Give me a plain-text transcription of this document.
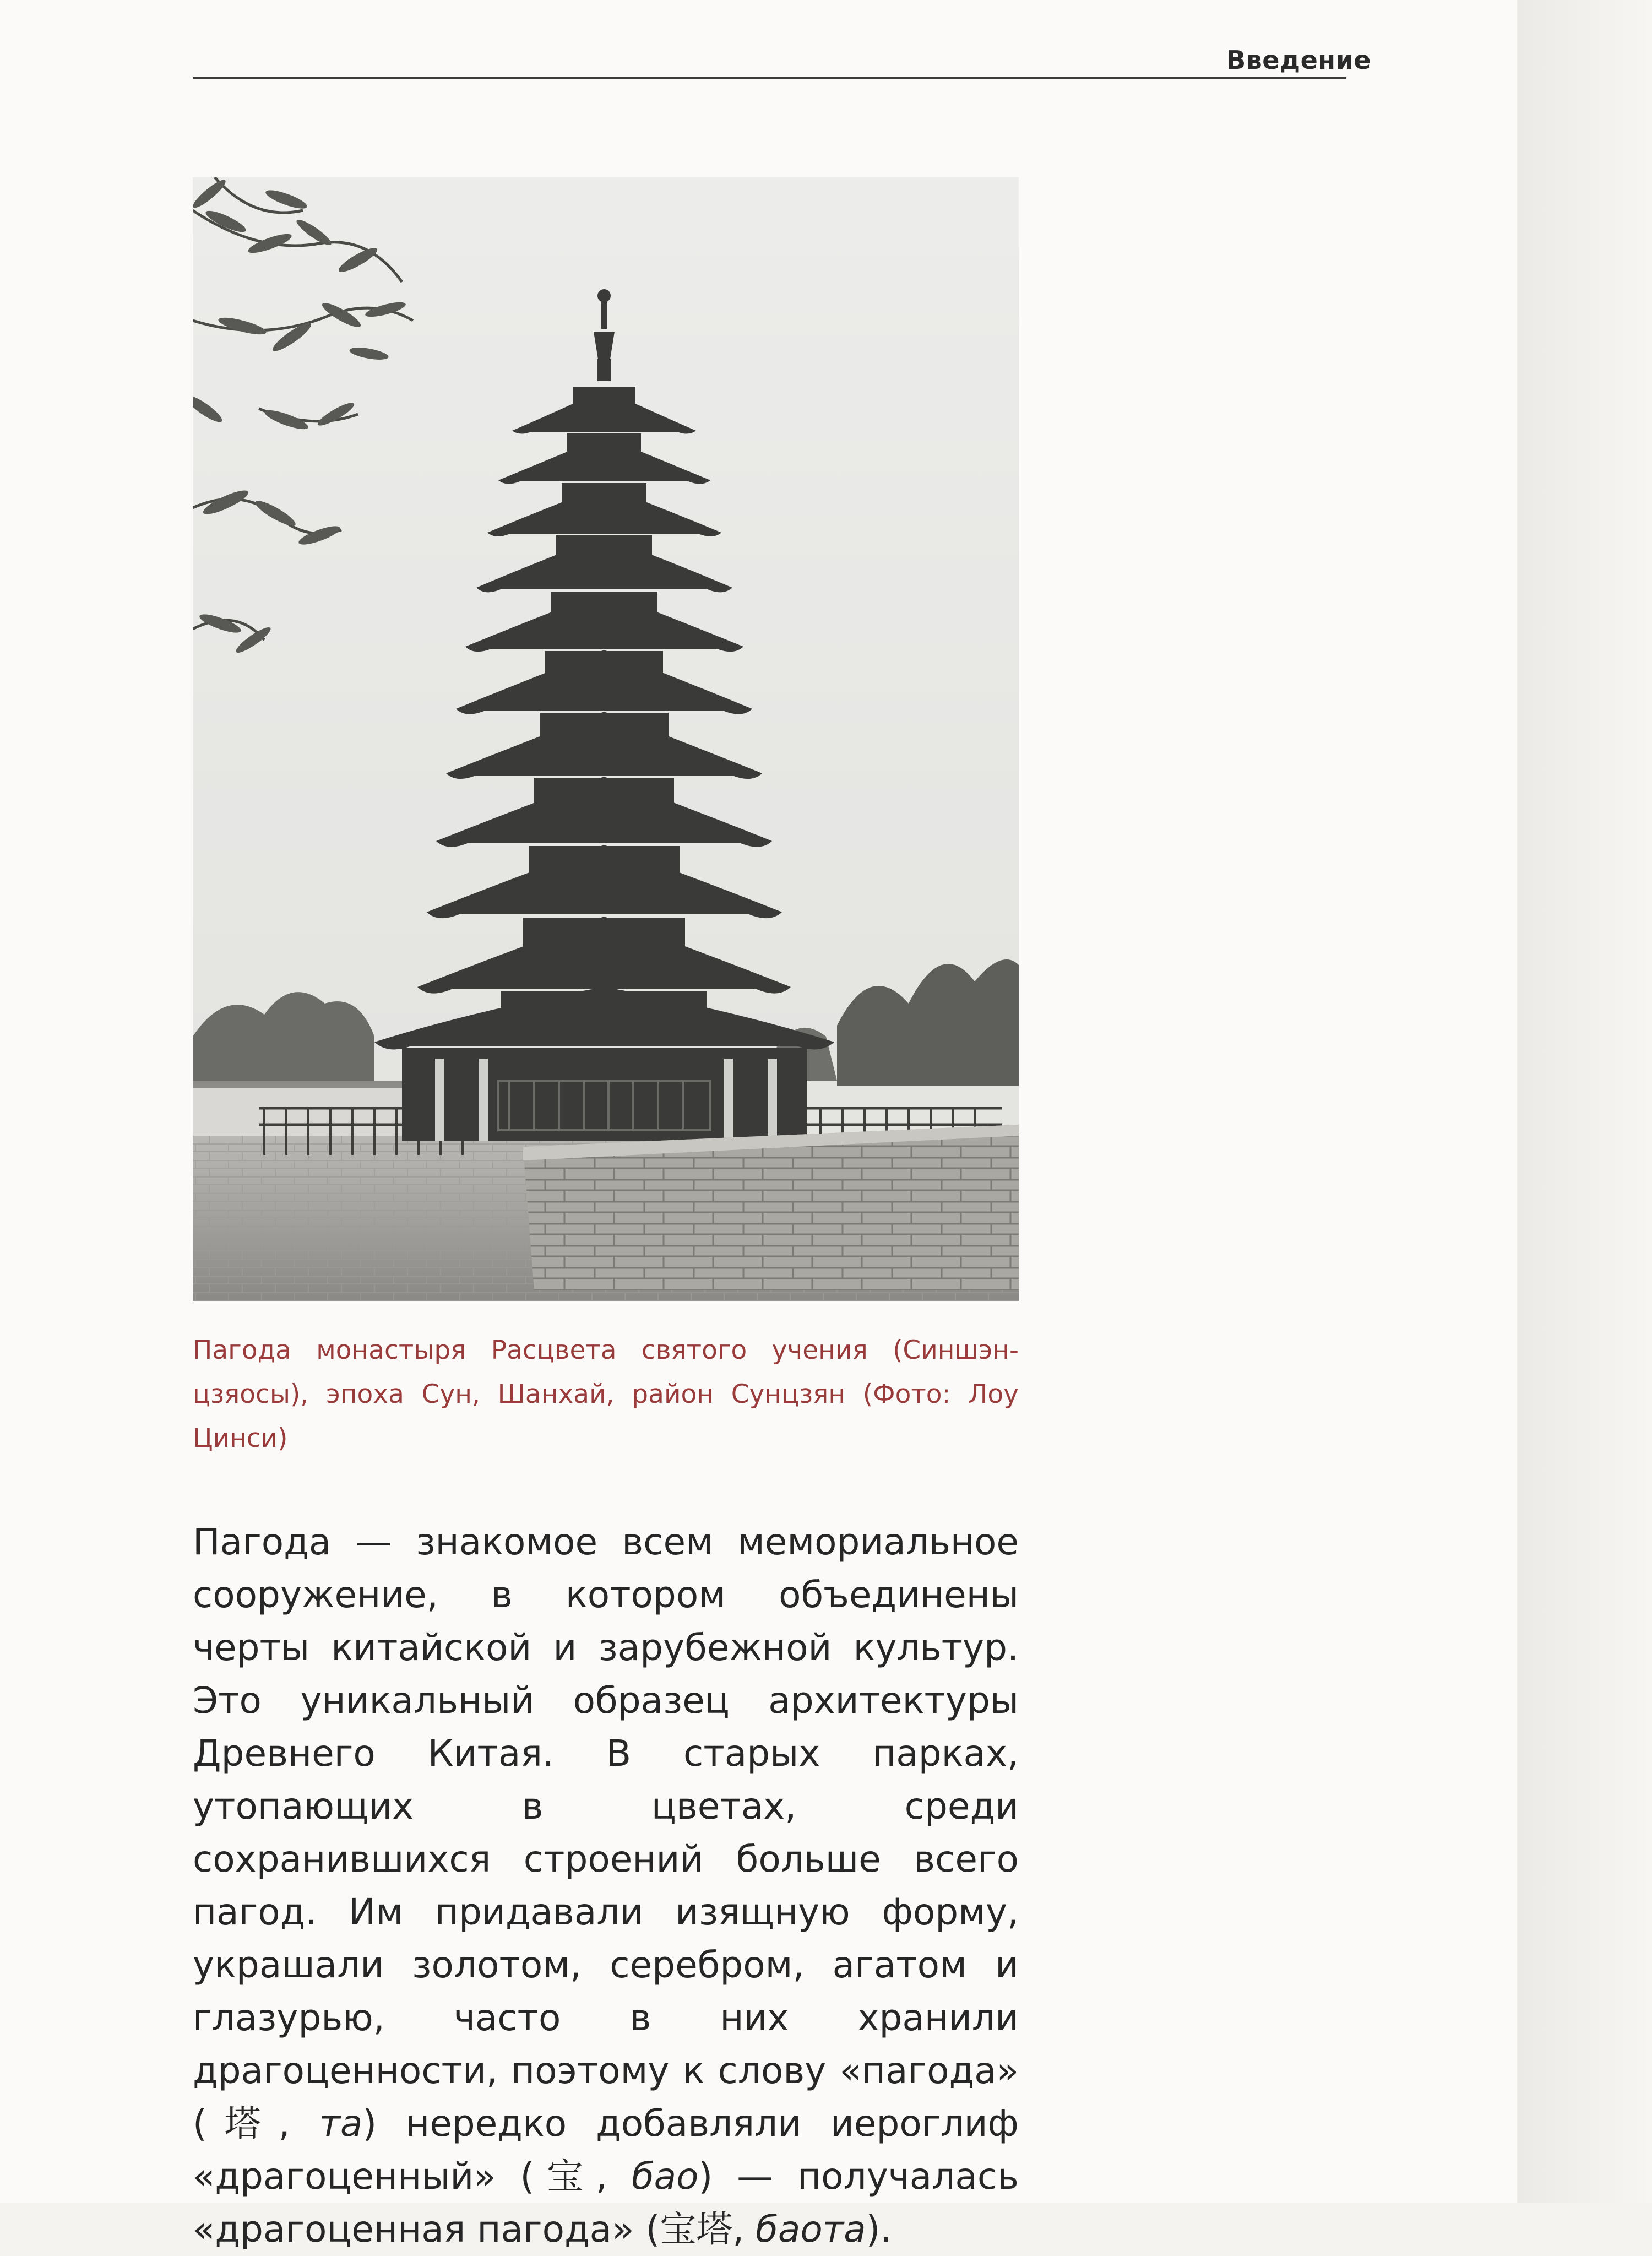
Введение
Пагода монастыря Расцвета святого учения (Синшэн-цзяосы), эпоха Сун, Шанхай, район Сунцзян (Фото: Лоу Цинси)
Пагода — знакомое всем мемориальное сооружение, в котором объединены черты китайской и зарубежной культур. Это уникальный образец архитектуры Древнего Китая. В старых парках, утопающих в цветах, среди сохранившихся строений больше всего пагод. Им придавали изящную форму, украшали золотом, серебром, агатом и глазурью, часто в них хранили драгоценности, поэтому к слову «пагода» (塔, та) нередко добавляли иероглиф «драгоценный» (宝, бао) — получалась «драгоценная пагода» (宝塔, баота).
